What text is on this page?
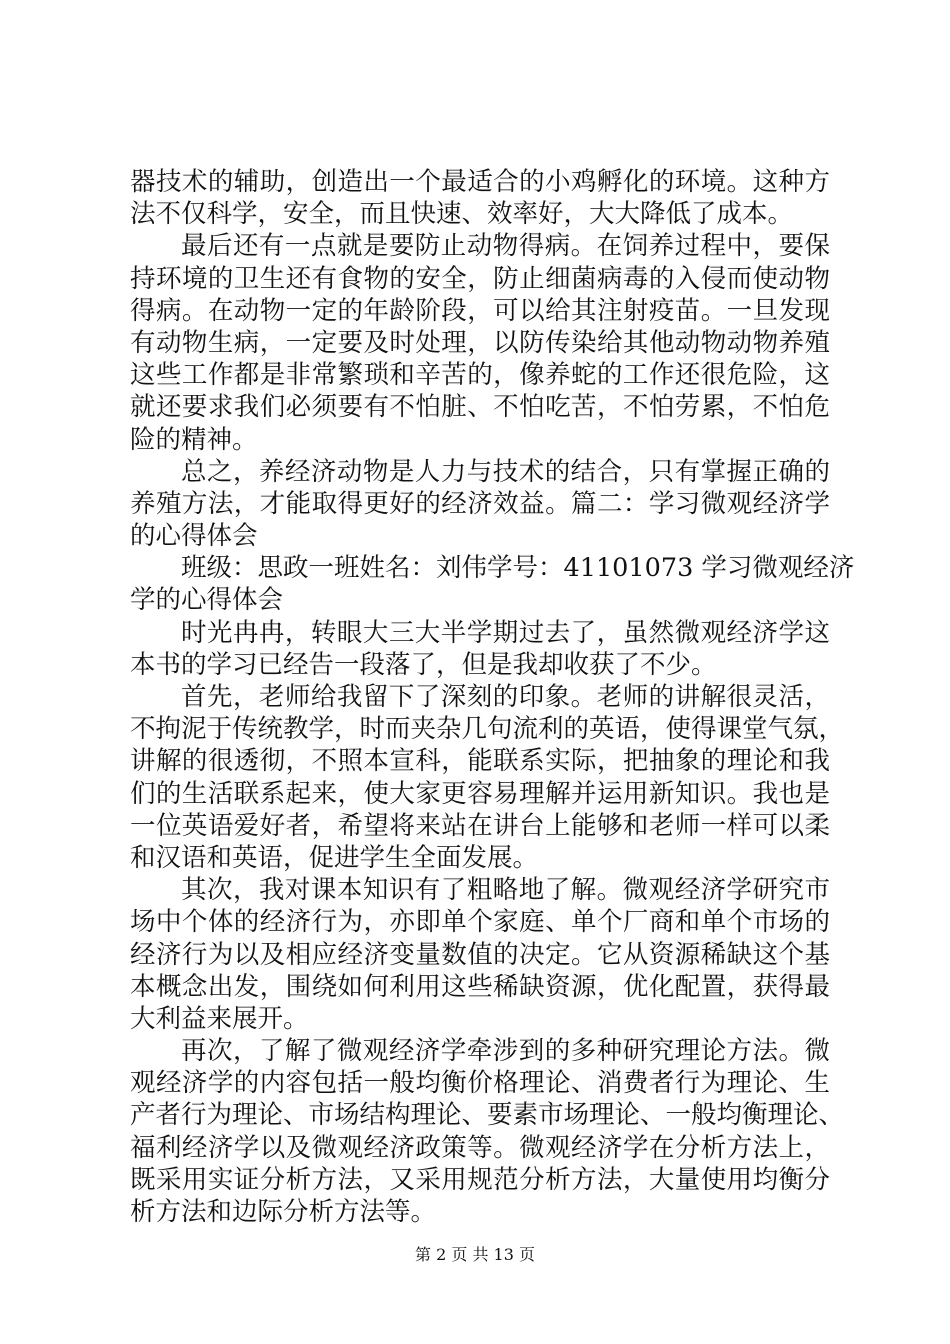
器技术的辅助，创造出一个最适合的小鸡孵化的环境。这种方
法不仅科学，安全，而且快速、效率好，大大降低了成本。
最后还有一点就是要防止动物得病。在饲养过程中，要保
持环境的卫生还有食物的安全，防止细菌病毒的入侵而使动物
得病。在动物一定的年龄阶段，可以给其注射疫苗。一旦发现
有动物生病，一定要及时处理，以防传染给其他动物动物养殖
这些工作都是非常繁琐和辛苦的，像养蛇的工作还很危险，这
就还要求我们必须要有不怕脏、不怕吃苦，不怕劳累，不怕危
险的精神。
总之，养经济动物是人力与技术的结合，只有掌握正确的
养殖方法，才能取得更好的经济效益。篇二：学习微观经济学
的心得体会
班级：思政一班姓名：刘伟学号：41101073 学习微观经济
学的心得体会
时光冉冉，转眼大三大半学期过去了，虽然微观经济学这
本书的学习已经告一段落了，但是我却收获了不少。
首先，老师给我留下了深刻的印象。老师的讲解很灵活，
不拘泥于传统教学，时而夹杂几句流利的英语，使得课堂气氛，
讲解的很透彻，不照本宣科，能联系实际，把抽象的理论和我
们的生活联系起来，使大家更容易理解并运用新知识。我也是
一位英语爱好者，希望将来站在讲台上能够和老师一样可以柔
和汉语和英语，促进学生全面发展。
其次，我对课本知识有了粗略地了解。微观经济学研究市
场中个体的经济行为，亦即单个家庭、单个厂商和单个市场的
经济行为以及相应经济变量数值的决定。它从资源稀缺这个基
本概念出发，围绕如何利用这些稀缺资源，优化配置，获得最
大利益来展开。
再次，了解了微观经济学牵涉到的多种研究理论方法。微
观经济学的内容包括一般均衡价格理论、消费者行为理论、生
产者行为理论、市场结构理论、要素市场理论、一般均衡理论、
福利经济学以及微观经济政策等。微观经济学在分析方法上，
既采用实证分析方法，又采用规范分析方法，大量使用均衡分
析方法和边际分析方法等。
第 2 页 共 13 页
